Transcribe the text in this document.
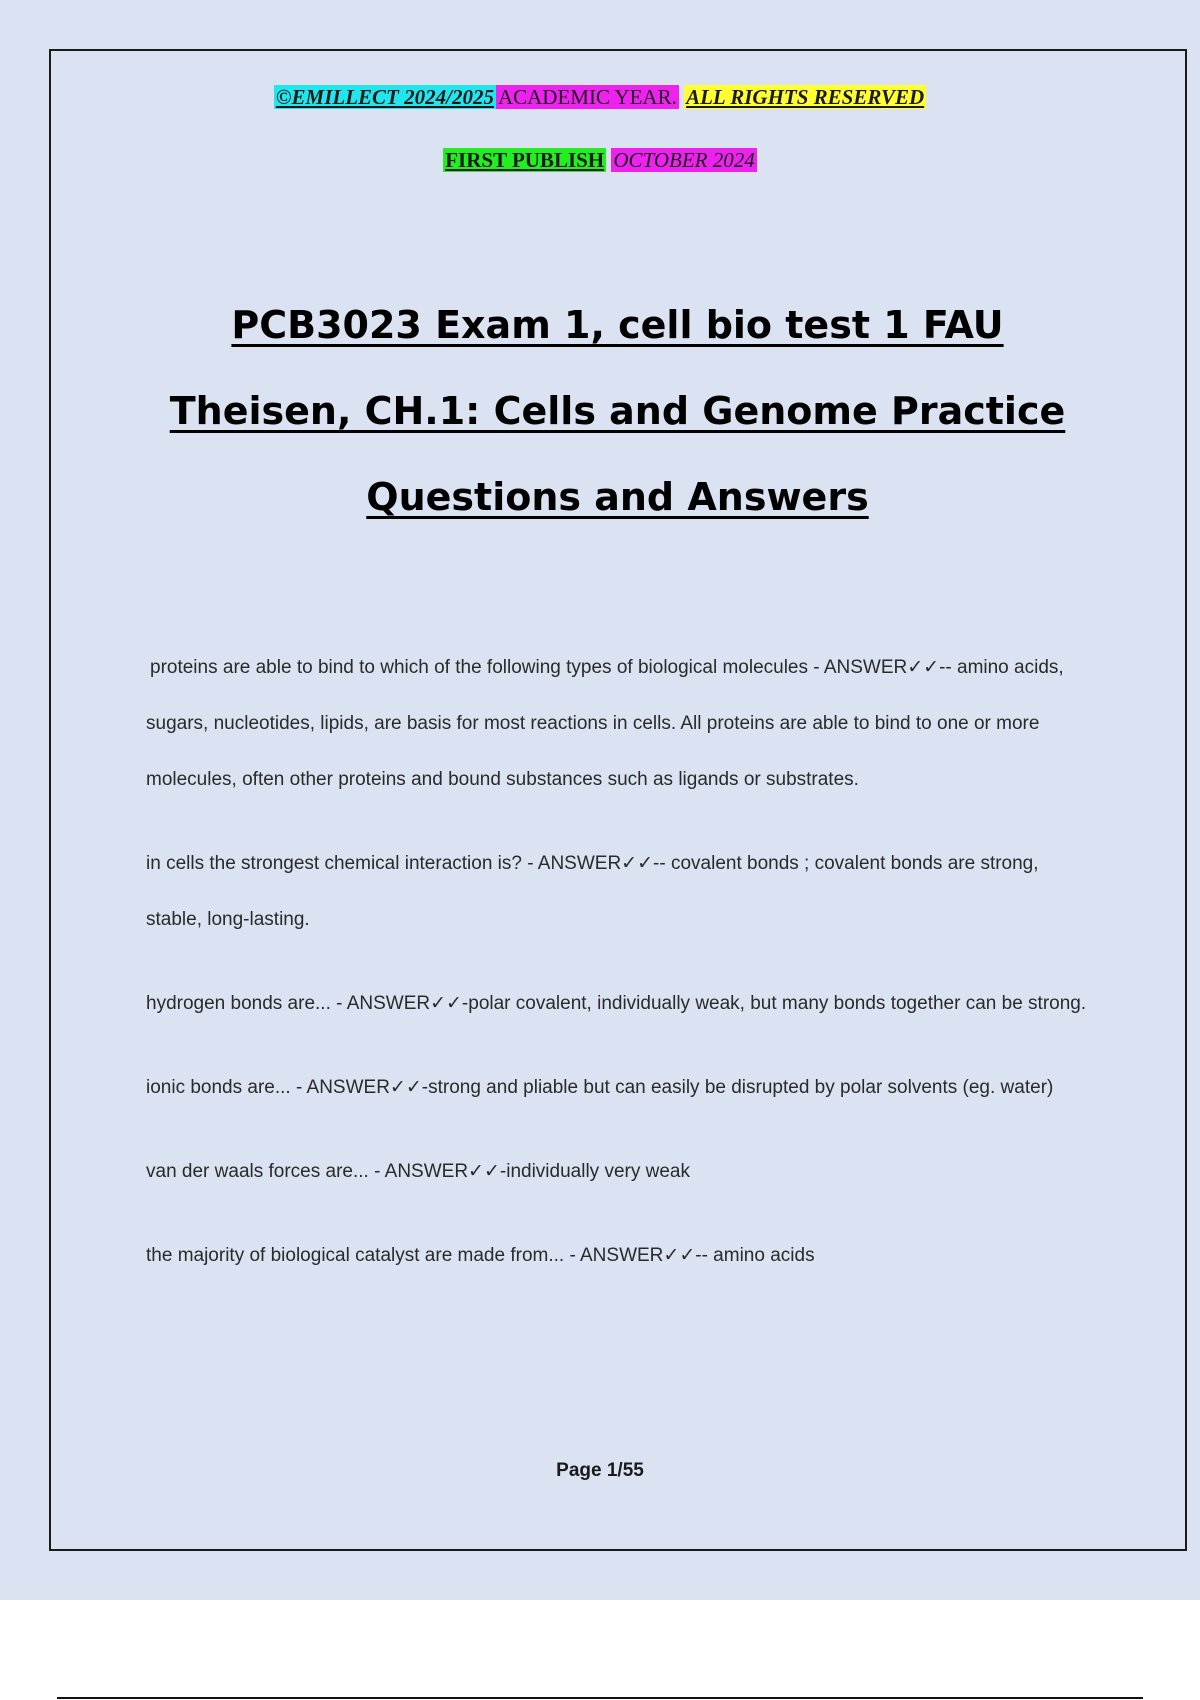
©EMILLECT 2024/2025 ACADEMIC YEAR. ALL RIGHTS RESERVED
FIRST PUBLISH OCTOBER 2024
PCB3023 Exam 1, cell bio test 1 FAU
Theisen, CH.1: Cells and Genome Practice
Questions and Answers

proteins are able to bind to which of the following types of biological molecules - ANSWER✓✓-- amino acids, sugars, nucleotides, lipids, are basis for most reactions in cells. All proteins are able to bind to one or more molecules, often other proteins and bound substances such as ligands or substrates.

in cells the strongest chemical interaction is? - ANSWER✓✓-- covalent bonds ; covalent bonds are strong, stable, long-lasting.

hydrogen bonds are... - ANSWER✓✓-polar covalent, individually weak, but many bonds together can be strong.

ionic bonds are... - ANSWER✓✓-strong and pliable but can easily be disrupted by polar solvents (eg. water)

van der waals forces are... - ANSWER✓✓-individually very weak

the majority of biological catalyst are made from... - ANSWER✓✓-- amino acids

Page 1/55
